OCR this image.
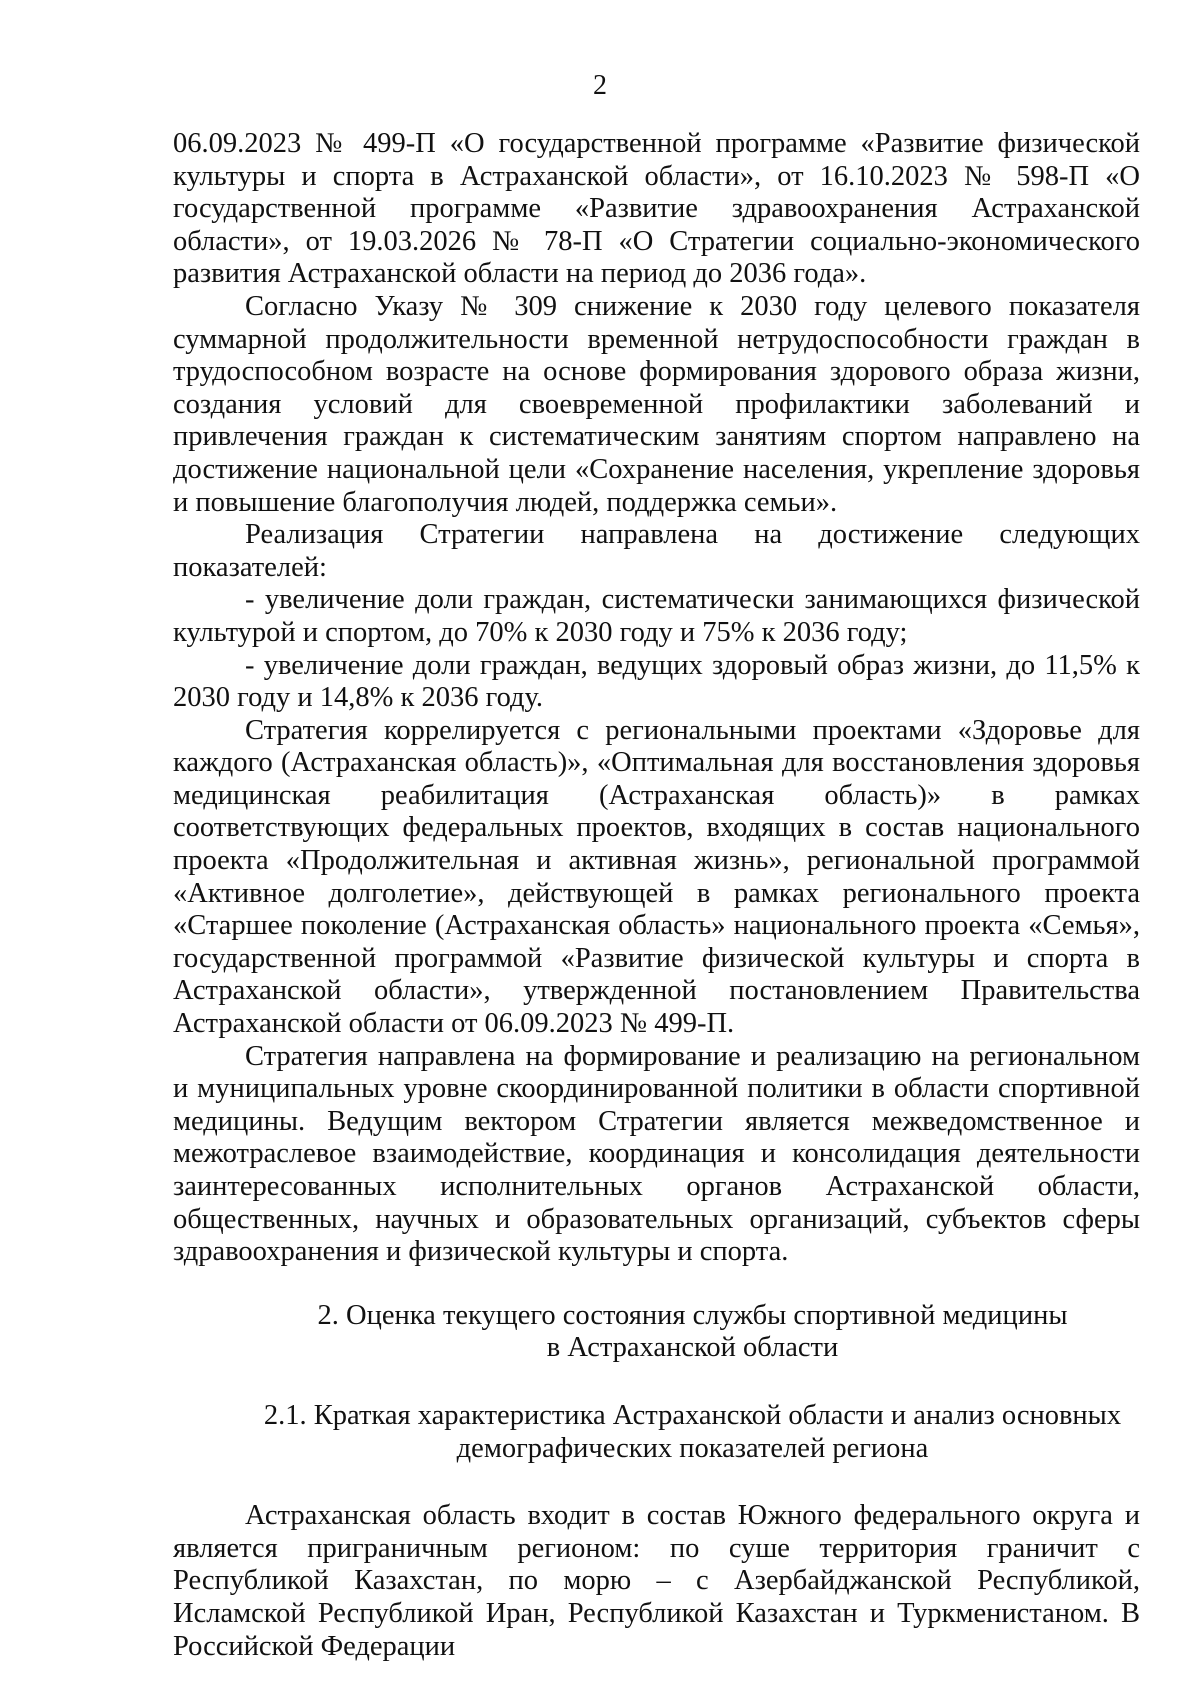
2

06.09.2023 № 499-П «О государственной программе «Развитие физической культуры и спорта в Астраханской области», от 16.10.2023 № 598-П «О государственной программе «Развитие здравоохранения Астраханской области», от 19.03.2026 № 78-П «О Стратегии социально-экономического развития Астраханской области на период до 2036 года».

Согласно Указу № 309 снижение к 2030 году целевого показателя суммарной продолжительности временной нетрудоспособности граждан в трудоспособном возрасте на основе формирования здорового образа жизни, создания условий для своевременной профилактики заболеваний и привлечения граждан к систематическим занятиям спортом направлено на достижение национальной цели «Сохранение населения, укрепление здоровья и повышение благополучия людей, поддержка семьи».

Реализация Стратегии направлена на достижение следующих показателей:

- увеличение доли граждан, систематически занимающихся физической культурой и спортом, до 70% к 2030 году и 75% к 2036 году;

- увеличение доли граждан, ведущих здоровый образ жизни, до 11,5% к 2030 году и 14,8% к 2036 году.

Стратегия коррелируется с региональными проектами «Здоровье для каждого (Астраханская область)», «Оптимальная для восстановления здоровья медицинская реабилитация (Астраханская область)» в рамках соответствующих федеральных проектов, входящих в состав национального проекта «Продолжительная и активная жизнь», региональной программой «Активное долголетие», действующей в рамках регионального проекта «Старшее поколение (Астраханская область» национального проекта «Семья», государственной программой «Развитие физической культуры и спорта в Астраханской области», утвержденной постановлением Правительства Астраханской области от 06.09.2023 № 499-П.

Стратегия направлена на формирование и реализацию на региональном и муниципальных уровне скоординированной политики в области спортивной медицины. Ведущим вектором Стратегии является межведомственное и межотраслевое взаимодействие, координация и консолидация деятельности заинтересованных исполнительных органов Астраханской области, общественных, научных и образовательных организаций, субъектов сферы здравоохранения и физической культуры и спорта.

2. Оценка текущего состояния службы спортивной медицины
в Астраханской области
2.1. Краткая характеристика Астраханской области и анализ основных
демографических показателей региона

Астраханская область входит в состав Южного федерального округа и является приграничным регионом: по суше территория граничит с Республикой Казахстан, по морю – с Азербайджанской Республикой, Исламской Республикой Иран, Республикой Казахстан и Туркменистаном. В Российской Федерации
